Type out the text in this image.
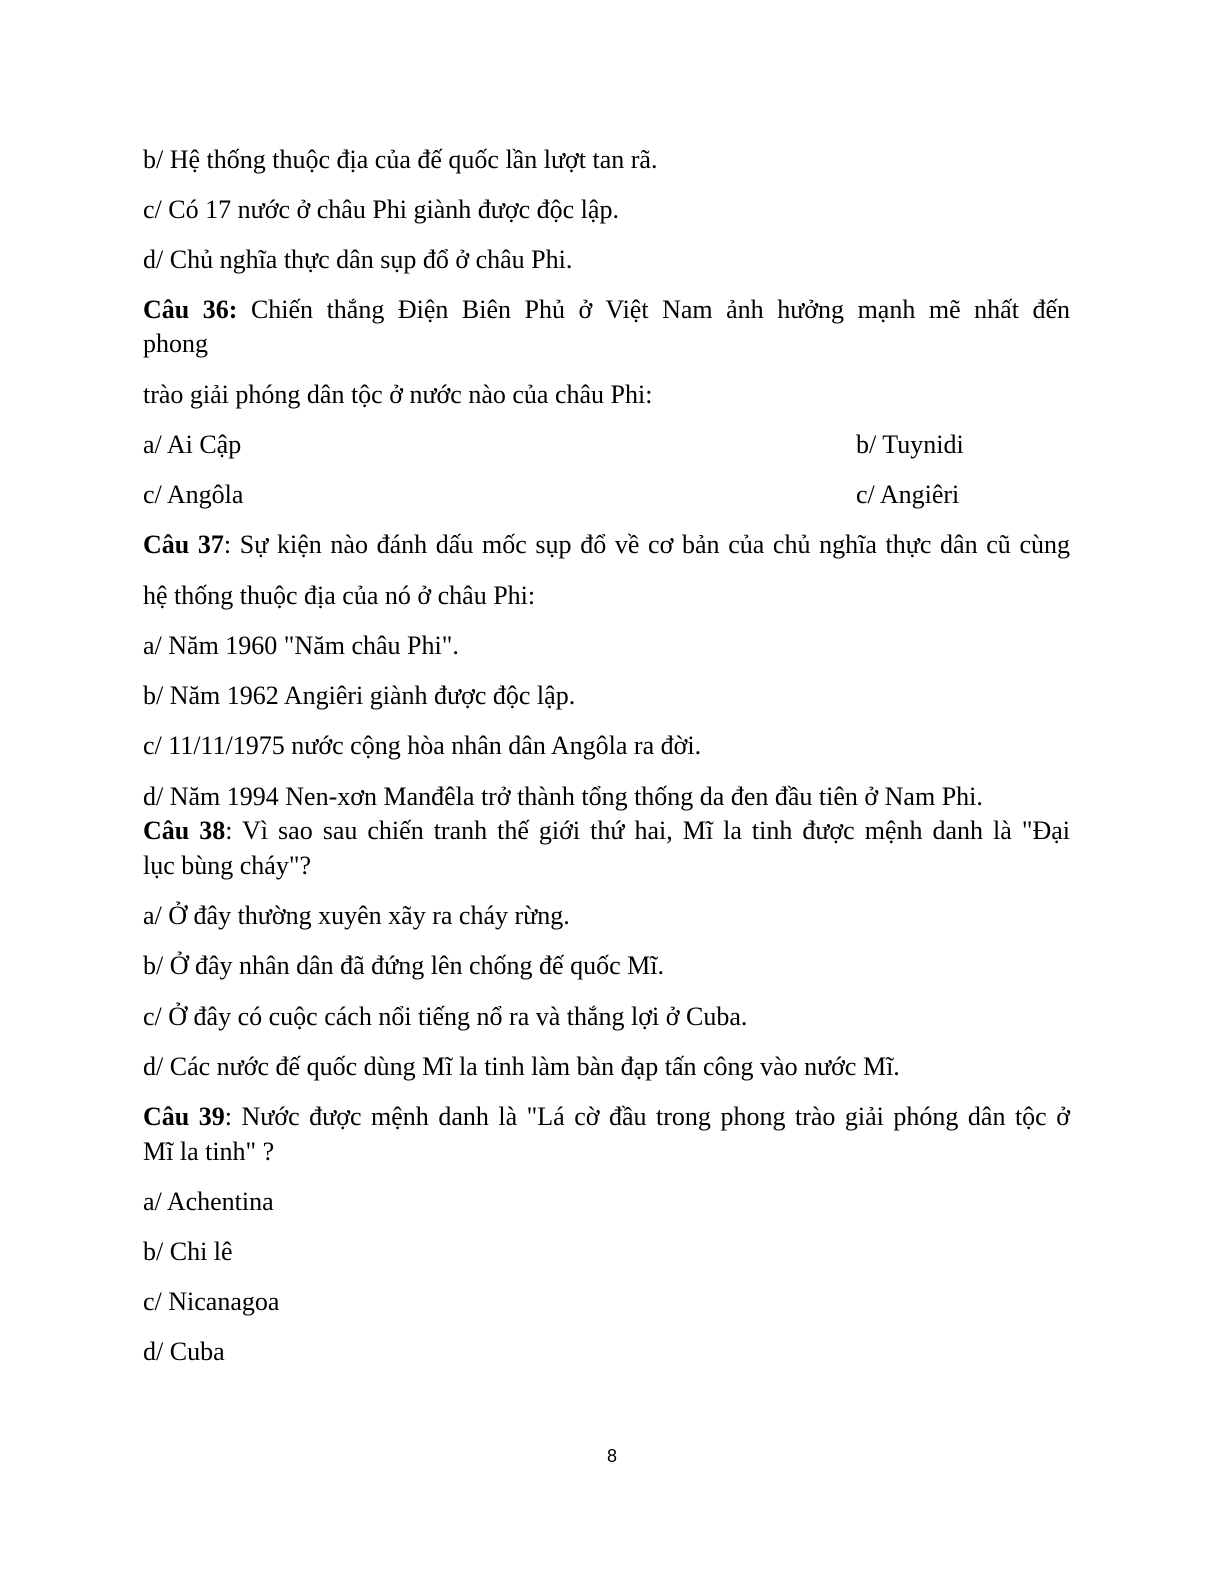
b/ Hệ thống thuộc địa của đế quốc lần lượt tan rã.
c/ Có 17 nước ở châu Phi giành được độc lập.
d/ Chủ nghĩa thực dân sụp đổ ở châu Phi.
Câu 36: Chiến thắng Điện Biên Phủ ở Việt Nam ảnh hưởng mạnh mẽ nhất đến
phong
trào giải phóng dân tộc ở nước nào của châu Phi:
a/ Ai Cập	b/ Tuynidi
c/ Angôla	c/ Angiêri
Câu 37: Sự kiện nào đánh dấu mốc sụp đổ về cơ bản của chủ nghĩa thực dân cũ cùng
hệ thống thuộc địa của nó ở châu Phi:
a/ Năm 1960 "Năm châu Phi".
b/ Năm 1962 Angiêri giành được độc lập.
c/ 11/11/1975 nước cộng hòa nhân dân Angôla ra đời.
d/ Năm 1994 Nen-xơn Manđêla trở thành tổng thống da đen đầu tiên ở Nam Phi.
Câu 38: Vì sao sau chiến tranh thế giới thứ hai, Mĩ la tinh được mệnh danh là "Đại
lục bùng cháy"?
a/ Ở đây thường xuyên xãy ra cháy rừng.
b/ Ở đây nhân dân đã đứng lên chống đế quốc Mĩ.
c/ Ở đây có cuộc cách nổi tiếng nổ ra và thắng lợi ở Cuba.
d/ Các nước đế quốc dùng Mĩ la tinh làm bàn đạp tấn công vào nước Mĩ.
Câu 39: Nước được mệnh danh là "Lá cờ đầu trong phong trào giải phóng dân tộc ở
Mĩ la tinh" ?
a/ Achentina
b/ Chi lê
c/ Nicanagoa
d/ Cuba
8
